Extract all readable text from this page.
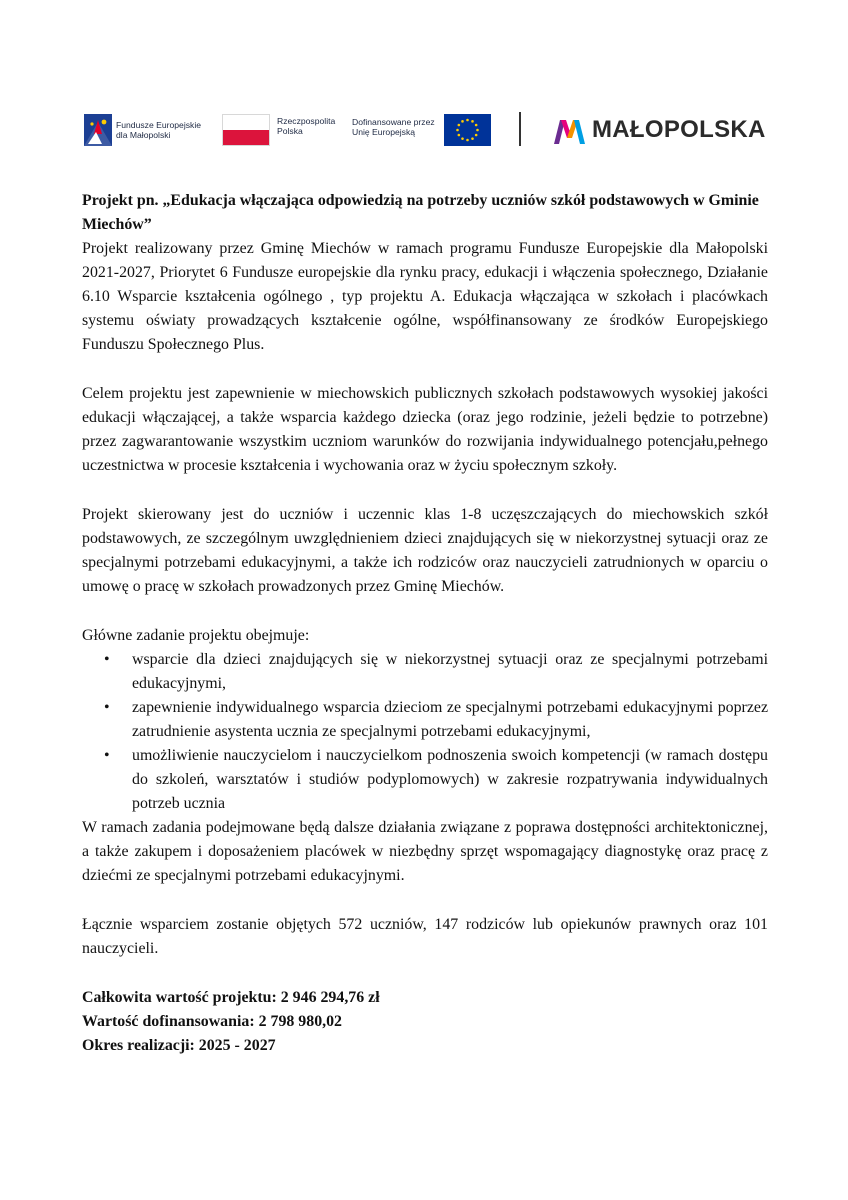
Fundusze Europejskie
dla Małopolski
Rzeczpospolita
Polska
Dofinansowane przez
Unię Europejską	MAŁOPOLSKA

Projekt pn. „Edukacja włączająca odpowiedzią na potrzeby uczniów szkół podstawowych w Gminie Miechów”

Projekt realizowany przez Gminę Miechów w ramach programu Fundusze Europejskie dla Małopolski 2021-2027, Priorytet 6 Fundusze europejskie dla rynku pracy, edukacji i włączenia społecznego, Działanie 6.10 Wsparcie kształcenia ogólnego , typ projektu A. Edukacja włączająca w szkołach i placówkach systemu oświaty prowadzących kształcenie ogólne, współfinansowany ze środków Europejskiego Funduszu Społecznego Plus.

Celem projektu jest zapewnienie w miechowskich publicznych szkołach podstawowych wysokiej jakości edukacji włączającej, a także wsparcia każdego dziecka (oraz jego rodzinie, jeżeli będzie to potrzebne) przez zagwarantowanie wszystkim uczniom warunków do rozwijania indywidualnego potencjału,pełnego uczestnictwa w procesie kształcenia i wychowania oraz w życiu społecznym szkoły.

Projekt skierowany jest do uczniów i uczennic klas 1-8 uczęszczających do miechowskich szkół podstawowych, ze szczególnym uwzględnieniem dzieci znajdujących się w niekorzystnej sytuacji oraz ze specjalnymi potrzebami edukacyjnymi, a także ich rodziców oraz nauczycieli zatrudnionych w oparciu o umowę o pracę w szkołach prowadzonych przez Gminę Miechów.

Główne zadanie projektu obejmuje:

• wsparcie dla dzieci znajdujących się w niekorzystnej sytuacji oraz ze specjalnymi potrzebami edukacyjnymi,
• zapewnienie indywidualnego wsparcia dzieciom ze specjalnymi potrzebami edukacyjnymi poprzez zatrudnienie asystenta ucznia ze specjalnymi potrzebami edukacyjnymi,
• umożliwienie nauczycielom i nauczycielkom podnoszenia swoich kompetencji (w ramach dostępu do szkoleń, warsztatów i studiów podyplomowych) w zakresie rozpatrywania indywidualnych potrzeb ucznia

W ramach zadania podejmowane będą dalsze działania związane z poprawa dostępności architektonicznej, a także zakupem i doposażeniem placówek w niezbędny sprzęt wspomagający diagnostykę oraz pracę z dziećmi ze specjalnymi potrzebami edukacyjnymi.

Łącznie wsparciem zostanie objętych 572 uczniów, 147 rodziców lub opiekunów prawnych oraz 101 nauczycieli.

Całkowita wartość projektu: 2 946 294,76 zł

Wartość dofinansowania: 2 798 980,02

Okres realizacji: 2025 - 2027
